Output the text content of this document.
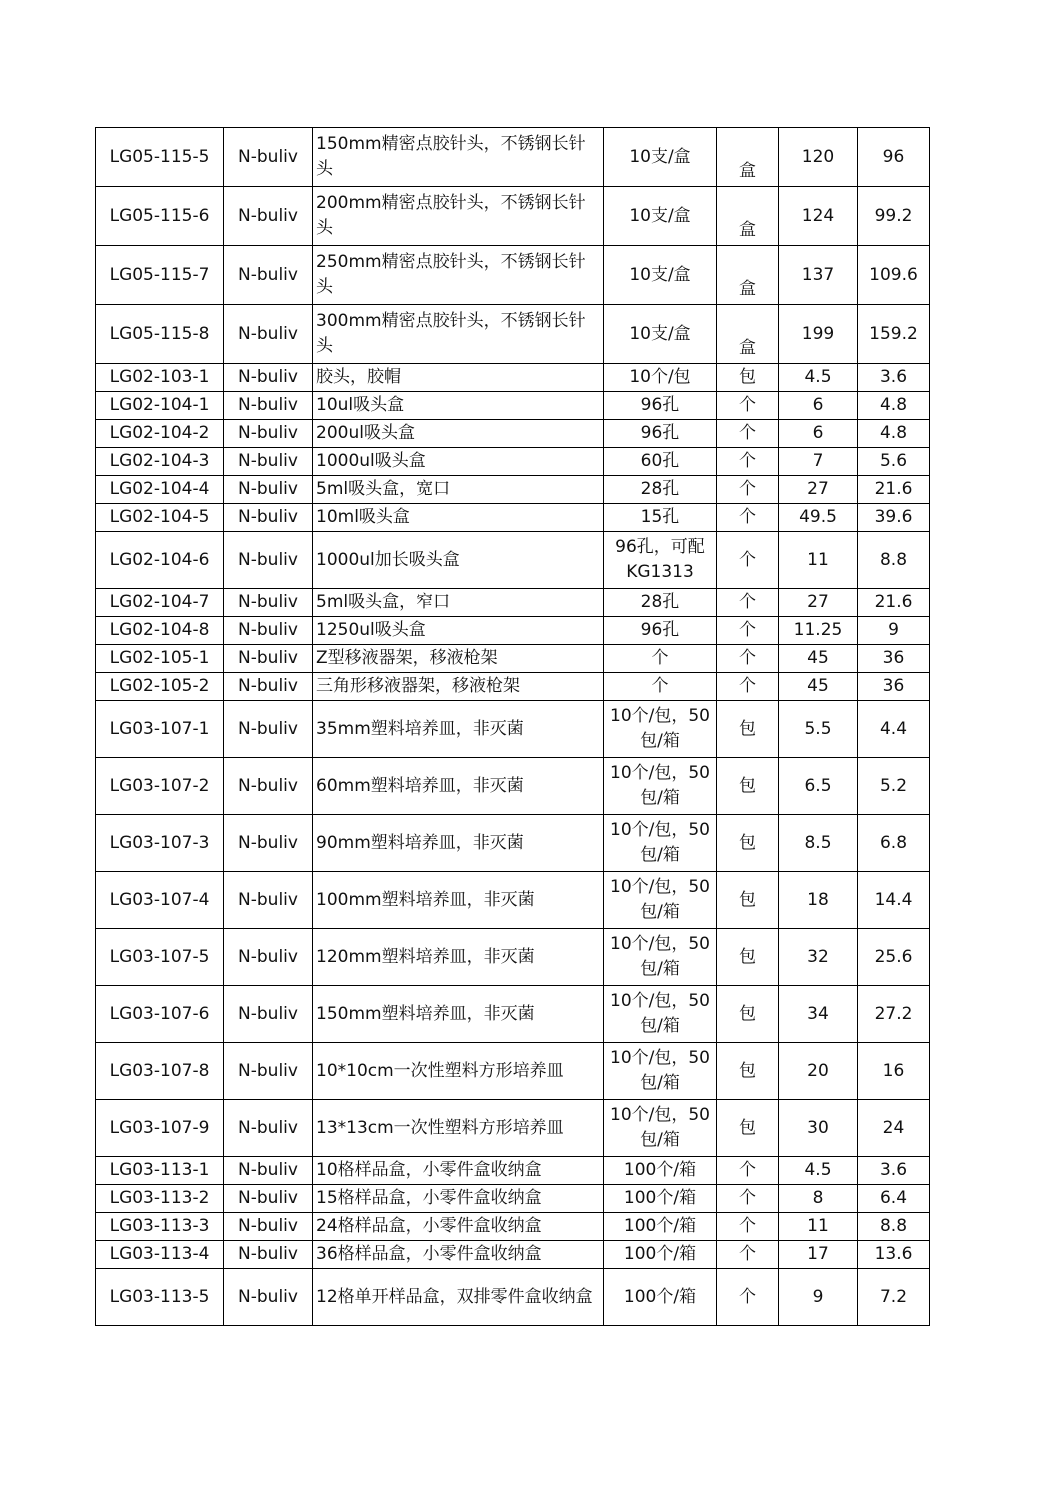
LG05-115-5	N-buliv	150mm精密点胶针头，不锈钢长针头	10支/盒	盒	120	96
LG05-115-6	N-buliv	200mm精密点胶针头，不锈钢长针头	10支/盒	盒	124	99.2
LG05-115-7	N-buliv	250mm精密点胶针头，不锈钢长针头	10支/盒	盒	137	109.6
LG05-115-8	N-buliv	300mm精密点胶针头，不锈钢长针头	10支/盒	盒	199	159.2
LG02-103-1	N-buliv	胶头，胶帽	10个/包	包	4.5	3.6
LG02-104-1	N-buliv	10ul吸头盒	96孔	个	6	4.8
LG02-104-2	N-buliv	200ul吸头盒	96孔	个	6	4.8
LG02-104-3	N-buliv	1000ul吸头盒	60孔	个	7	5.6
LG02-104-4	N-buliv	5ml吸头盒，宽口	28孔	个	27	21.6
LG02-104-5	N-buliv	10ml吸头盒	15孔	个	49.5	39.6
LG02-104-6	N-buliv	1000ul加长吸头盒	96孔，可配KG1313	个	11	8.8
LG02-104-7	N-buliv	5ml吸头盒，窄口	28孔	个	27	21.6
LG02-104-8	N-buliv	1250ul吸头盒	96孔	个	11.25	9
LG02-105-1	N-buliv	Z型移液器架，移液枪架	个	个	45	36
LG02-105-2	N-buliv	三角形移液器架，移液枪架	个	个	45	36
LG03-107-1	N-buliv	35mm塑料培养皿，非灭菌	10个/包，50包/箱	包	5.5	4.4
LG03-107-2	N-buliv	60mm塑料培养皿，非灭菌	10个/包，50包/箱	包	6.5	5.2
LG03-107-3	N-buliv	90mm塑料培养皿，非灭菌	10个/包，50包/箱	包	8.5	6.8
LG03-107-4	N-buliv	100mm塑料培养皿，非灭菌	10个/包，50包/箱	包	18	14.4
LG03-107-5	N-buliv	120mm塑料培养皿，非灭菌	10个/包，50包/箱	包	32	25.6
LG03-107-6	N-buliv	150mm塑料培养皿，非灭菌	10个/包，50包/箱	包	34	27.2
LG03-107-8	N-buliv	10*10cm一次性塑料方形培养皿	10个/包，50包/箱	包	20	16
LG03-107-9	N-buliv	13*13cm一次性塑料方形培养皿	10个/包，50包/箱	包	30	24
LG03-113-1	N-buliv	10格样品盒，小零件盒收纳盒	100个/箱	个	4.5	3.6
LG03-113-2	N-buliv	15格样品盒，小零件盒收纳盒	100个/箱	个	8	6.4
LG03-113-3	N-buliv	24格样品盒，小零件盒收纳盒	100个/箱	个	11	8.8
LG03-113-4	N-buliv	36格样品盒，小零件盒收纳盒	100个/箱	个	17	13.6
LG03-113-5	N-buliv	12格单开样品盒，双排零件盒收纳盒	100个/箱	个	9	7.2
